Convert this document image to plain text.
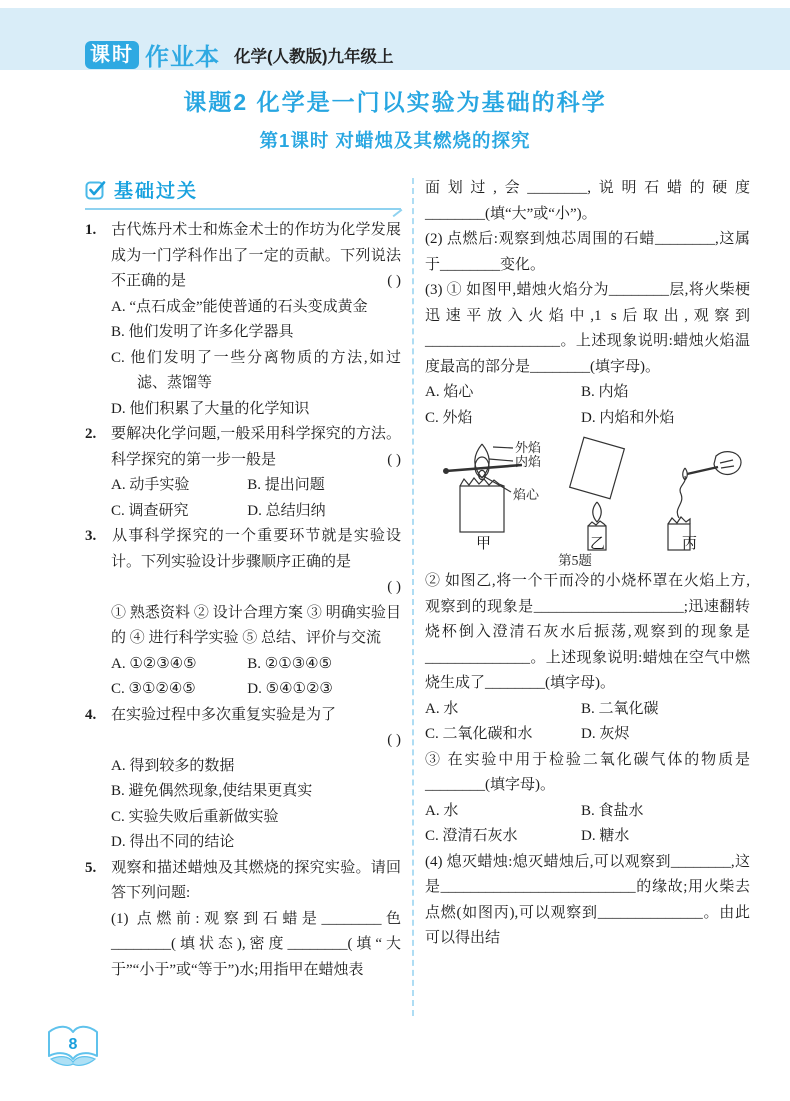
课时 作业本 化学(人教版)九年级上
课题2 化学是一门以实验为基础的科学
第1课时 对蜡烛及其燃烧的探究
基础过关

1. 古代炼丹术士和炼金术士的作坊为化学发展成为一门学科作出了一定的贡献。下列说法不正确的是	( )

A. “点石成金”能使普通的石头变成黄金

B. 他们发明了许多化学器具

C. 他们发明了一些分离物质的方法,如过滤、蒸馏等

D. 他们积累了大量的化学知识

2. 要解决化学问题,一般采用科学探究的方法。科学探究的第一步一般是	( )

A. 动手实验	B. 提出问题
C. 调查研究	D. 总结归纳

3. 从事科学探究的一个重要环节就是实验设计。下列实验设计步骤顺序正确的是

( )

① 熟悉资料 ② 设计合理方案 ③ 明确实验目的 ④ 进行科学实验 ⑤ 总结、评价与交流

A. ①②③④⑤	B. ②①③④⑤
C. ③①②④⑤	D. ⑤④①②③

4. 在实验过程中多次重复实验是为了

( )

A. 得到较多的数据

B. 避免偶然现象,使结果更真实

C. 实验失败后重新做实验

D. 得出不同的结论

5. 观察和描述蜡烛及其燃烧的探究实验。请回答下列问题:

(1) 点燃前:观察到石蜡是________色________(填状态),密度________(填“大于”“小于”或“等于”)水;用指甲在蜡烛表

面划过,会________,说明石蜡的硬度________(填“大”或“小”)。

(2) 点燃后:观察到烛芯周围的石蜡________,这属于________变化。

(3) ① 如图甲,蜡烛火焰分为________层,将火柴梗迅速平放入火焰中,1 s后取出,观察到__________________。上述现象说明:蜡烛火焰温度最高的部分是________(填字母)。

A. 焰心	B. 内焰
C. 外焰	D. 内焰和外焰
外焰
内焰
焰心
甲	乙	丙
第5题

② 如图乙,将一个干而冷的小烧杯罩在火焰上方,观察到的现象是____________________;迅速翻转烧杯倒入澄清石灰水后振荡,观察到的现象是______________。上述现象说明:蜡烛在空气中燃烧生成了________(填字母)。

A. 水	B. 二氧化碳
C. 二氧化碳和水	D. 灰烬

③ 在实验中用于检验二氧化碳气体的物质是________(填字母)。

A. 水	B. 食盐水
C. 澄清石灰水	D. 糖水

(4) 熄灭蜡烛:熄灭蜡烛后,可以观察到________,这是__________________________的缘故;用火柴去点燃(如图丙),可以观察到______________。由此可以得出结

8
